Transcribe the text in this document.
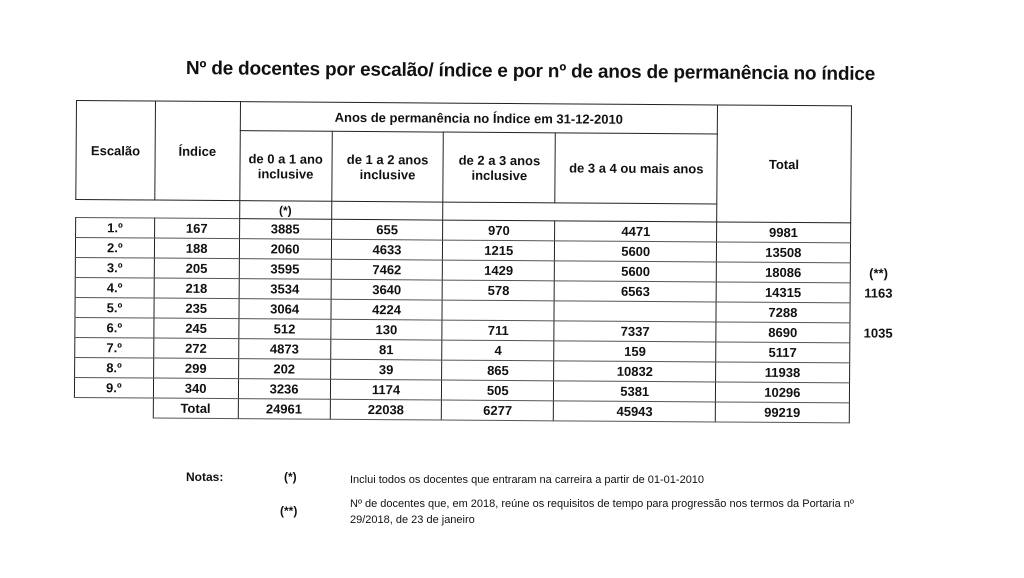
Nº de docentes por escalão/ índice e por nº de anos de permanência no índice
Escalão	Índice	Anos de permanência no Índice em 31-12-2010				Total	
		de 0 a 1 ano inclusive	de 1 a 2 anos inclusive	de 2 a 3 anos inclusive	de 3 a 4 ou mais anos		
		(*)					
1.º	167	3885	655	970	4471	9981	
2.º	188	2060	4633	1215	5600	13508	
3.º	205	3595	7462	1429	5600	18086	(**)
4.º	218	3534	3640	578	6563	14315	1163
5.º	235	3064	4224			7288	
6.º	245	512	130	711	7337	8690	1035
7.º	272	4873	81	4	159	5117	
8.º	299	202	39	865	10832	11938	
9.º	340	3236	1174	505	5381	10296	
	Total	24961	22038	6277	45943	99219	
Notas:	(*)	Inclui todos os docentes que entraram na carreira a partir de 01-01-2010
(**)	Nº de docentes que, em 2018, reúne os requisitos de tempo para progressão nos termos da Portaria nº
29/2018, de 23 de janeiro
